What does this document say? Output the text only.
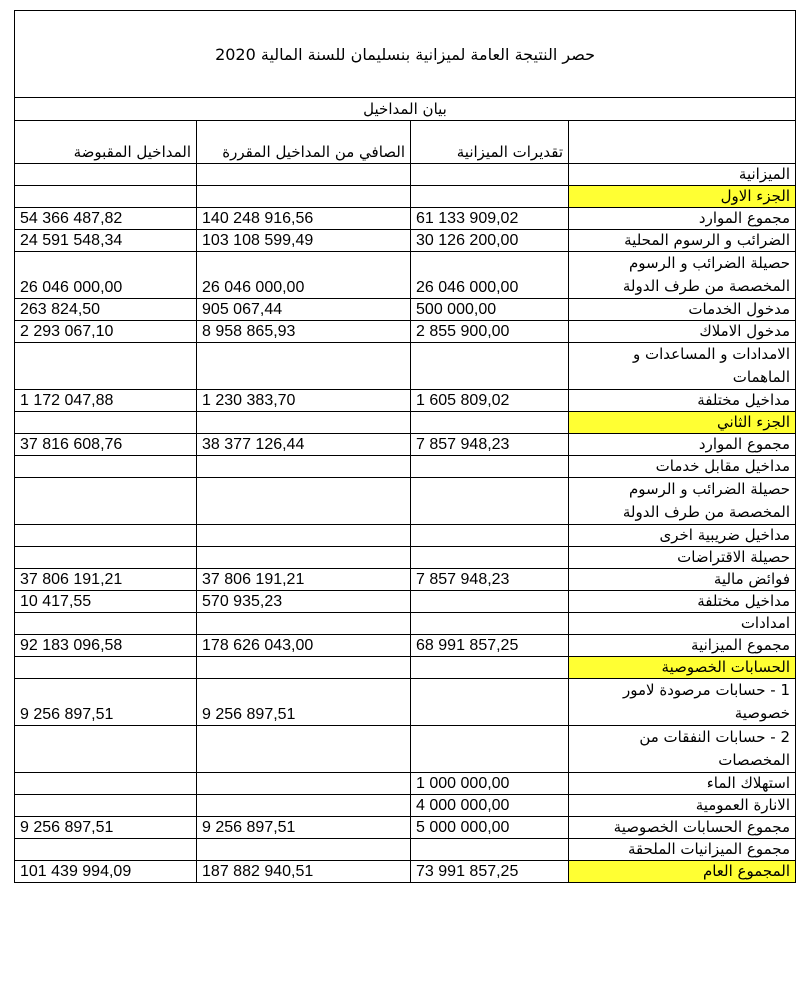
حصر النتيجة العامة لميزانية بنسليمان للسنة المالية 2020			
بيان المداخيل			
	تقديرات الميزانية	الصافي من المداخيل المقررة	المداخيل المقبوضة
الميزانية			
الجزء الاول			
مجموع الموارد	61 133 909,02	140 248 916,56	54 366 487,82
الضرائب و الرسوم المحلية	30 126 200,00	103 108 599,49	24 591 548,34
حصيلة الضرائب و الرسوم المخصصة من طرف الدولة	26 046 000,00	26 046 000,00	26 046 000,00
مدخول الخدمات	500 000,00	905 067,44	263 824,50
مدخول الاملاك	2 855 900,00	8 958 865,93	2 293 067,10
الامدادات و المساعدات و الماهمات			
مداخيل مختلفة	1 605 809,02	1 230 383,70	1 172 047,88
الجزء الثاني			
مجموع الموارد	7 857 948,23	38 377 126,44	37 816 608,76
مداخيل مقابل خدمات			
حصيلة الضرائب و الرسوم المخصصة من طرف الدولة			
مداخيل ضريبية اخرى			
حصيلة الاقتراضات			
فوائض مالية	7 857 948,23	37 806 191,21	37 806 191,21
مداخيل مختلفة		570 935,23	10 417,55
امدادات			
مجموع الميزانية	68 991 857,25	178 626 043,00	92 183 096,58
الحسابات الخصوصية			
1 - حسابات مرصودة لامور خصوصية		9 256 897,51	9 256 897,51
2 - حسابات النفقات من المخصصات			
استهلاك الماء	1 000 000,00		
الانارة العمومية	4 000 000,00		
مجموع الحسابات الخصوصية	5 000 000,00	9 256 897,51	9 256 897,51
مجموع الميزانيات الملحقة			
المجموع العام	73 991 857,25	187 882 940,51	101 439 994,09
